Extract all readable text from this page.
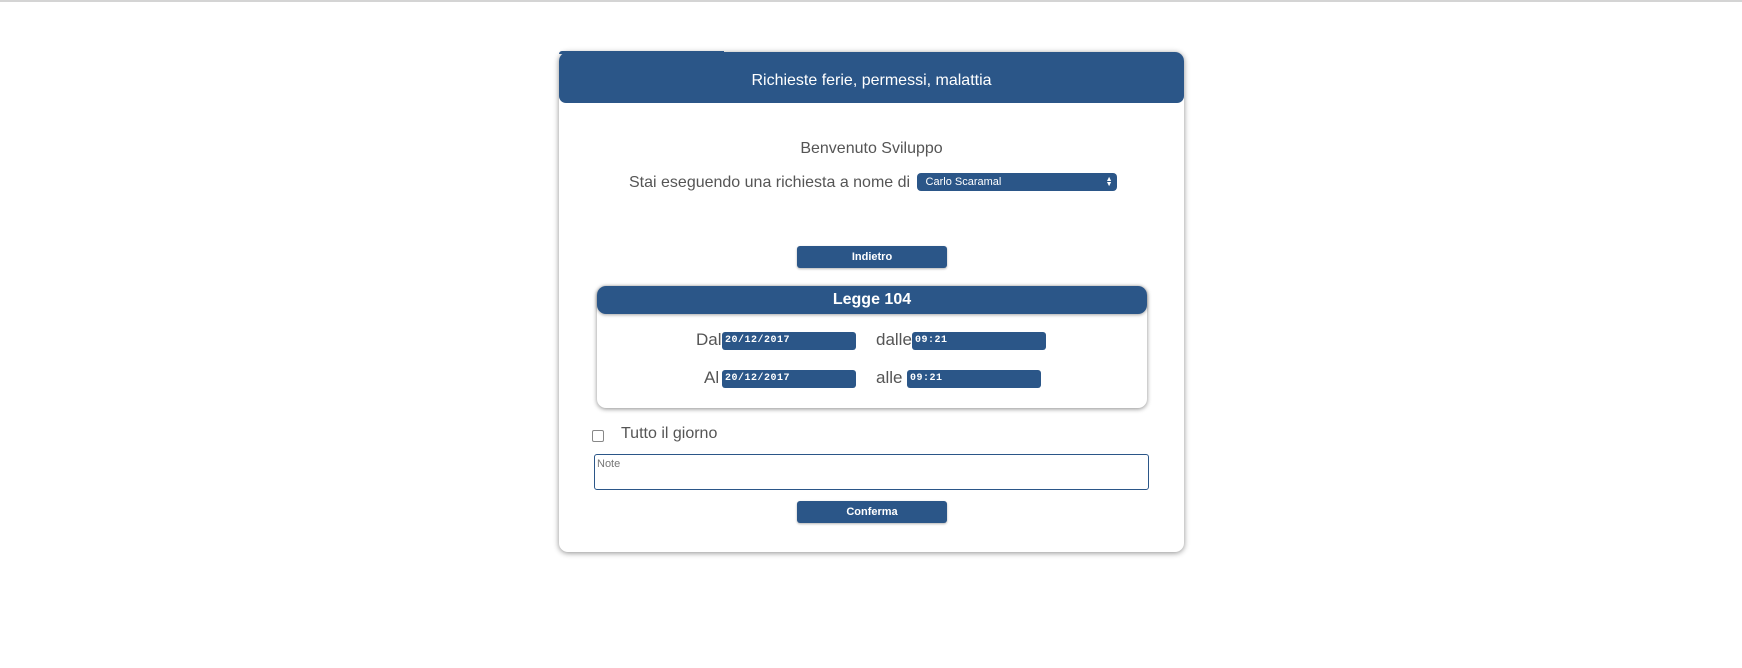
Richieste ferie, permessi, malattia
Benvenuto Sviluppo
Stai eseguendo una richiesta a nome di Carlo Scaramal	▲
▼
Indietro
Legge 104
Dal 20/12/2017	dalle 09:21
Al 20/12/2017	alle 09:21
Tutto il giorno
Note
Conferma
